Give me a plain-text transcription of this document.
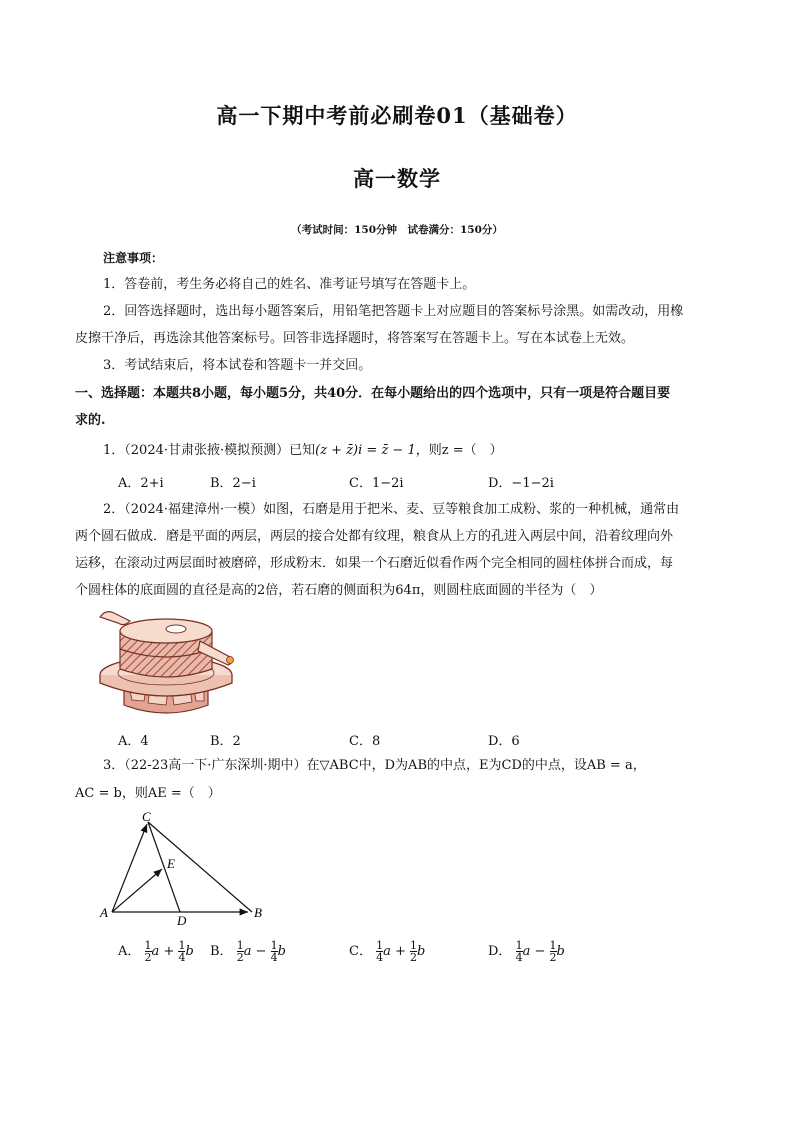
高一下期中考前必刷卷01（基础卷）
高一数学
（考试时间：150分钟　试卷满分：150分）
注意事项：
1．答卷前，考生务必将自己的姓名、准考证号填写在答题卡上。
2．回答选择题时，选出每小题答案后，用铅笔把答题卡上对应题目的答案标号涂黑。如需改动，用橡
皮擦干净后，再选涂其他答案标号。回答非选择题时，将答案写在答题卡上。写在本试卷上无效。
3．考试结束后，将本试卷和答题卡一并交回。
一、选择题：本题共8小题，每小题5分，共40分．在每小题给出的四个选项中，只有一项是符合题目要
求的.
1．（2024·甘肃张掖·模拟预测）已知(z + z̄)i = z̄ − 1，则z =（　）
A．2+i	B．2−i	C．1−2i	D．−1−2i
2．（2024·福建漳州·一模）如图，石磨是用于把米、麦、豆等粮食加工成粉、浆的一种机械，通常由
两个圆石做成．磨是平面的两层，两层的接合处都有纹理，粮食从上方的孔进入两层中间，沿着纹理向外
运移，在滚动过两层面时被磨碎，形成粉末．如果一个石磨近似看作两个完全相同的圆柱体拼合而成，每
个圆柱体的底面圆的直径是高的2倍，若石磨的侧面积为64π，则圆柱底面圆的半径为（　）
A．4	B．2	C．8	D．6
3．（22-23高一下·广东深圳·期中）在▽ABC中，D为AB的中点，E为CD的中点，设AB = a，
AC = b，则AE =（　）
C
E
A
D
B
A． $\frac{1}{2}$ $a + \frac{1}{4}$ b B． $\frac{1}{2}$ $a - \frac{1}{4}$ b	C． $\frac{1}{4}$ $a + \frac{1}{2}$ b	D． $\frac{1}{4}$ $a - \frac{1}{2}$ b
